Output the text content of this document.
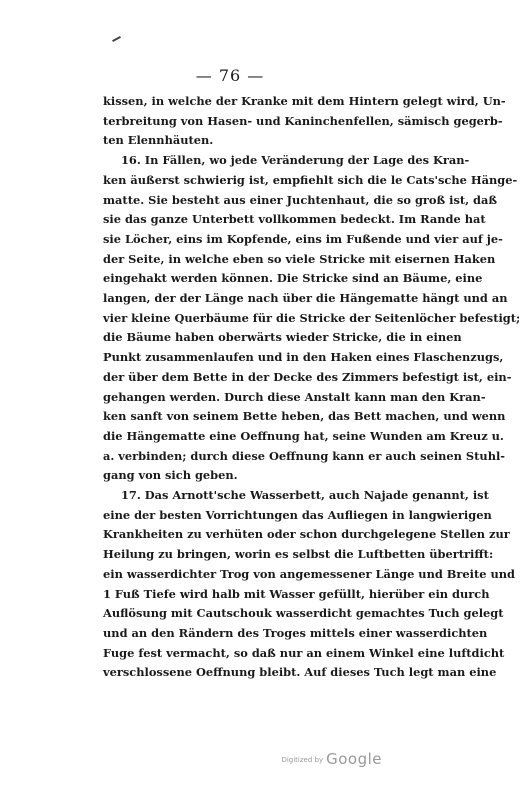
— 76 —
kissen, in welche der Kranke mit dem Hintern gelegt wird, Un-
terbreitung von Hasen- und Kaninchenfellen, sämisch gegerb-
ten Elennhäuten.
16. In Fällen, wo jede Veränderung der Lage des Kran-
ken äußerst schwierig ist, empfiehlt sich die le Cats'sche Hänge-
matte. Sie besteht aus einer Juchtenhaut, die so groß ist, daß
sie das ganze Unterbett vollkommen bedeckt. Im Rande hat
sie Löcher, eins im Kopfende, eins im Fußende und vier auf je-
der Seite, in welche eben so viele Stricke mit eisernen Haken
eingehakt werden können. Die Stricke sind an Bäume, eine
langen, der der Länge nach über die Hängematte hängt und an
vier kleine Querbäume für die Stricke der Seitenlöcher befestigt;
die Bäume haben oberwärts wieder Stricke, die in einen
Punkt zusammenlaufen und in den Haken eines Flaschenzugs,
der über dem Bette in der Decke des Zimmers befestigt ist, ein-
gehangen werden. Durch diese Anstalt kann man den Kran-
ken sanft von seinem Bette heben, das Bett machen, und wenn
die Hängematte eine Oeffnung hat, seine Wunden am Kreuz u.
a. verbinden; durch diese Oeffnung kann er auch seinen Stuhl-
gang von sich geben.
17. Das Arnott'sche Wasserbett, auch Najade genannt, ist
eine der besten Vorrichtungen das Aufliegen in langwierigen
Krankheiten zu verhüten oder schon durchgelegene Stellen zur
Heilung zu bringen, worin es selbst die Luftbetten übertrifft:
ein wasserdichter Trog von angemessener Länge und Breite und
1 Fuß Tiefe wird halb mit Wasser gefüllt, hierüber ein durch
Auflösung mit Cautschouk wasserdicht gemachtes Tuch gelegt
und an den Rändern des Troges mittels einer wasserdichten
Fuge fest vermacht, so daß nur an einem Winkel eine luftdicht
verschlossene Oeffnung bleibt. Auf dieses Tuch legt man eine
Digitized by Google
